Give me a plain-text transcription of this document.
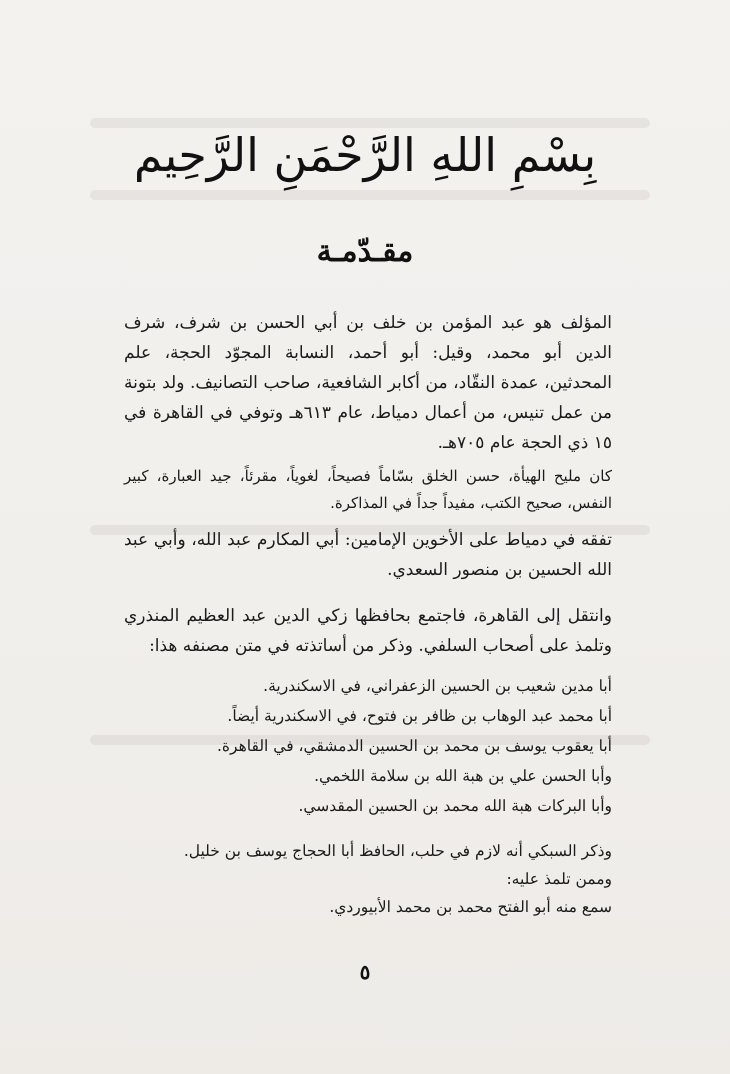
بِسْمِ اللهِ الرَّحْمَنِ الرَّحِيم
مقـدّمـة

المؤلف هو عبد المؤمن بن خلف بن أبي الحسن بن شرف، شرف الدين أبو محمد، وقيل: أبو أحمد، النسابة المجوّد الحجة، علم المحدثين، عمدة النقّاد، من أكابر الشافعية، صاحب التصانيف. ولد بتونة من عمل تنيس، من أعمال دمياط، عام ٦١٣هـ وتوفي في القاهرة في ١٥ ذي الحجة عام ٧٠٥هـ.

كان مليح الهيأة، حسن الخلق بسّاماً فصيحاً، لغوياً، مقرئاً، جيد العبارة، كبير النفس، صحيح الكتب، مفيداً جداً في المذاكرة.

تفقه في دمياط على الأخوين الإمامين: أبي المكارم عبد الله، وأبي عبد الله الحسين بن منصور السعدي.

وانتقل إلى القاهرة، فاجتمع بحافظها زكي الدين عبد العظيم المنذري وتلمذ على أصحاب السلفي. وذكر من أساتذته في متن مصنفه هذا:

أبا مدين شعيب بن الحسين الزعفراني، في الاسكندرية.

أبا محمد عبد الوهاب بن ظافر بن فتوح، في الاسكندرية أيضاً.

أبا يعقوب يوسف بن محمد بن الحسين الدمشقي، في القاهرة.

وأبا الحسن علي بن هبة الله بن سلامة اللخمي.

وأبا البركات هبة الله محمد بن الحسين المقدسي.

وذكر السبكي أنه لازم في حلب، الحافظ أبا الحجاج يوسف بن خليل.

وممن تلمذ عليه:

سمع منه أبو الفتح محمد بن محمد الأبيوردي.

٥
